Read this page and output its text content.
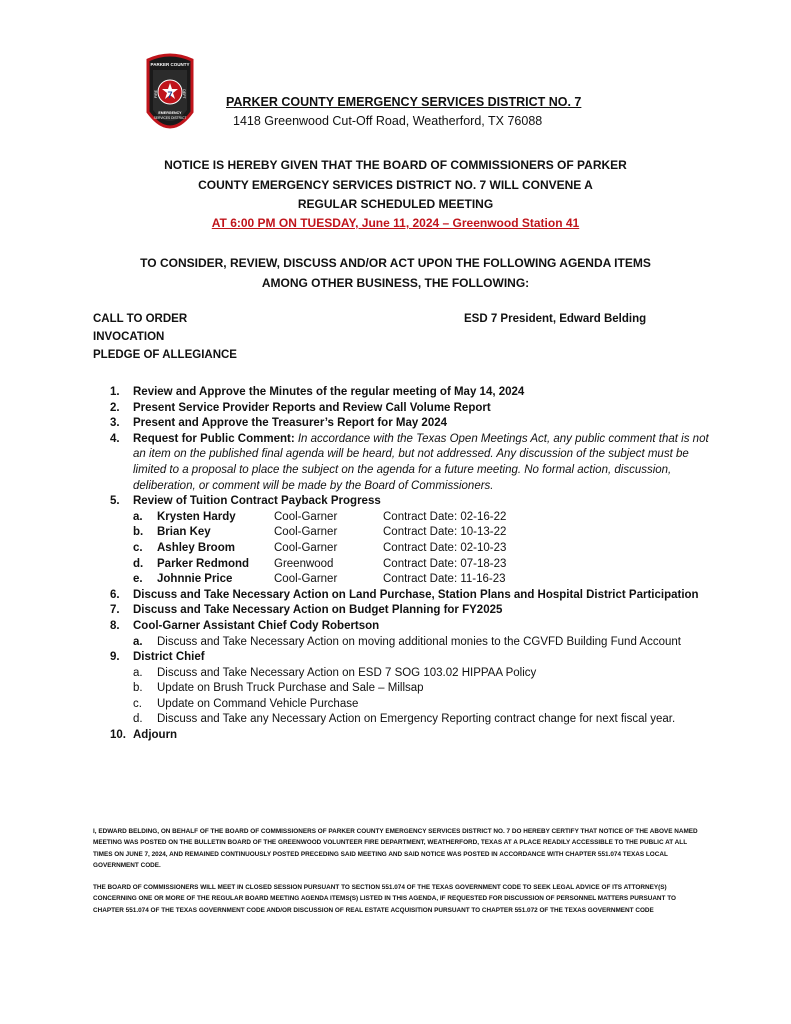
7
PARKER COUNTY
FIRE	DEPT
EMERGENCY
SERVICES DISTRICT
PARKER COUNTY EMERGENCY SERVICES DISTRICT NO. 7
1418 Greenwood Cut-Off Road, Weatherford, TX 76088
NOTICE IS HEREBY GIVEN THAT THE BOARD OF COMMISSIONERS OF PARKER
COUNTY EMERGENCY SERVICES DISTRICT NO. 7 WILL CONVENE A
REGULAR SCHEDULED MEETING
AT 6:00 PM ON TUESDAY, June 11, 2024 – Greenwood Station 41
TO CONSIDER, REVIEW, DISCUSS AND/OR ACT UPON THE FOLLOWING AGENDA ITEMS
AMONG OTHER BUSINESS, THE FOLLOWING:
CALL TO ORDER	ESD 7 President, Edward Belding
INVOCATION
PLEDGE OF ALLEGIANCE
1.	Review and Approve the Minutes of the regular meeting of May 14, 2024
2.	Present Service Provider Reports and Review Call Volume Report
3.	Present and Approve the Treasurer’s Report for May 2024
4.	Request for Public Comment: In accordance with the Texas Open Meetings Act, any public comment that is not an item on the published final agenda will be heard, but not addressed. Any discussion of the subject must be limited to a proposal to place the subject on the agenda for a future meeting. No formal action, discussion, deliberation, or comment will be made by the Board of Commissioners.
5.	Review of Tuition Contract Payback Progress
a.	Krysten Hardy	Cool-Garner	Contract Date: 02-16-22
b.	Brian Key	Cool-Garner	Contract Date: 10-13-22
c.	Ashley Broom	Cool-Garner	Contract Date: 02-10-23
d.	Parker Redmond	Greenwood	Contract Date: 07-18-23
e.	Johnnie Price	Cool-Garner	Contract Date: 11-16-23
6.	Discuss and Take Necessary Action on Land Purchase, Station Plans and Hospital District Participation
7.	Discuss and Take Necessary Action on Budget Planning for FY2025
8.	Cool-Garner Assistant Chief Cody Robertson
a.	Discuss and Take Necessary Action on moving additional monies to the CGVFD Building Fund Account
9.	District Chief
a.	Discuss and Take Necessary Action on ESD 7 SOG 103.02 HIPPAA Policy
b.	Update on Brush Truck Purchase and Sale – Millsap
c.	Update on Command Vehicle Purchase
d.	Discuss and Take any Necessary Action on Emergency Reporting contract change for next fiscal year.
10. Adjourn
I, EDWARD BELDING, ON BEHALF OF THE BOARD OF COMMISSIONERS OF PARKER COUNTY EMERGENCY SERVICES DISTRICT NO. 7 DO HEREBY CERTIFY THAT NOTICE OF THE ABOVE NAMED MEETING WAS POSTED ON THE BULLETIN BOARD OF THE GREENWOOD VOLUNTEER FIRE DEPARTMENT, WEATHERFORD, TEXAS AT A PLACE READILY ACCESSIBLE TO THE PUBLIC AT ALL TIMES ON JUNE 7, 2024, AND REMAINED CONTINUOUSLY POSTED PRECEDING SAID MEETING AND SAID NOTICE WAS POSTED IN ACCORDANCE WITH CHAPTER 551.074 TEXAS LOCAL GOVERNMENT CODE.
THE BOARD OF COMMISSIONERS WILL MEET IN CLOSED SESSION PURSUANT TO SECTION 551.074 OF THE TEXAS GOVERNMENT CODE TO SEEK LEGAL ADVICE OF ITS ATTORNEY(S) CONCERNING ONE OR MORE OF THE REGULAR BOARD MEETING AGENDA ITEMS(S) LISTED IN THIS AGENDA, IF REQUESTED FOR DISCUSSION OF PERSONNEL MATTERS PURSUANT TO CHAPTER 551.074 OF THE TEXAS GOVERNMENT CODE AND/OR DISCUSSION OF REAL ESTATE ACQUISITION PURSUANT TO CHAPTER 551.072 OF THE TEXAS GOVERNMENT CODE
